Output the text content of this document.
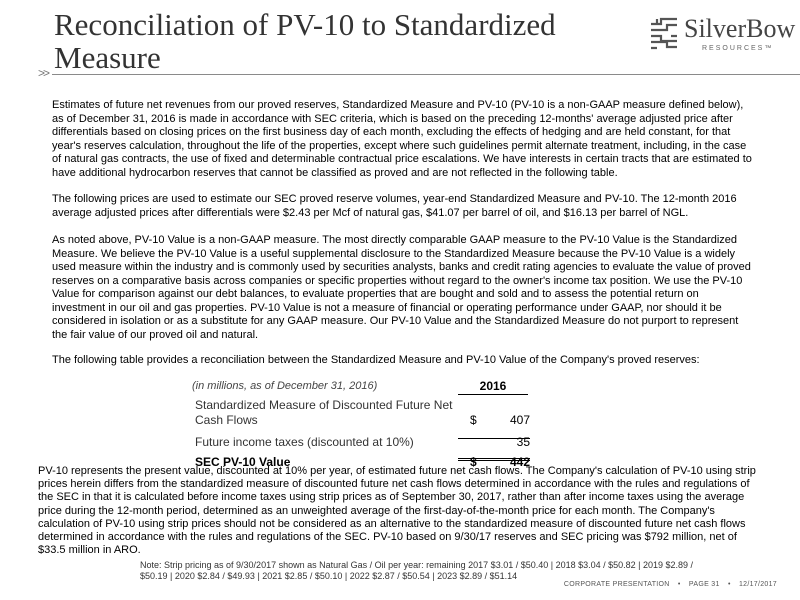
Reconciliation of PV-10 to Standardized Measure
>>
SilverBow
RESOURCES™

Estimates of future net revenues from our proved reserves, Standardized Measure and PV-10 (PV-10 is a non-GAAP measure defined below), as of December 31, 2016 is made in accordance with SEC criteria, which is based on the preceding 12-months' average adjusted price after differentials based on closing prices on the first business day of each month, excluding the effects of hedging and are held constant, for that year's reserves calculation, throughout the life of the properties, except where such guidelines permit alternate treatment, including, in the case of natural gas contracts, the use of fixed and determinable contractual price escalations. We have interests in certain tracts that are estimated to have additional hydrocarbon reserves that cannot be classified as proved and are not reflected in the following table.

The following prices are used to estimate our SEC proved reserve volumes, year-end Standardized Measure and PV-10. The 12-month 2016 average adjusted prices after differentials were $2.43 per Mcf of natural gas, $41.07 per barrel of oil, and $16.13 per barrel of NGL.

As noted above, PV-10 Value is a non-GAAP measure. The most directly comparable GAAP measure to the PV-10 Value is the Standardized Measure. We believe the PV-10 Value is a useful supplemental disclosure to the Standardized Measure because the PV-10 Value is a widely used measure within the industry and is commonly used by securities analysts, banks and credit rating agencies to evaluate the value of proved reserves on a comparative basis across companies or specific properties without regard to the owner's income tax position. We use the PV-10 Value for comparison against our debt balances, to evaluate properties that are bought and sold and to assess the potential return on investment in our oil and gas properties. PV-10 Value is not a measure of financial or operating performance under GAAP, nor should it be considered in isolation or as a substitute for any GAAP measure. Our PV-10 Value and the Standardized Measure do not purport to represent the fair value of our proved oil and natural.

The following table provides a reconciliation between the Standardized Measure and PV-10 Value of the Company's proved reserves:

(in millions, as of December 31, 2016)	2016
Standardized Measure of Discounted Future Net Cash Flows	$	407
Future income taxes (discounted at 10%)	35
SEC PV-10 Value	$	442

PV-10 represents the present value, discounted at 10% per year, of estimated future net cash flows. The Company's calculation of PV-10 using strip prices herein differs from the standardized measure of discounted future net cash flows determined in accordance with the rules and regulations of the SEC in that it is calculated before income taxes using strip prices as of September 30, 2017, rather than after income taxes using the average price during the 12-month period, determined as an unweighted average of the first-day-of-the-month price for each month. The Company's calculation of PV-10 using strip prices should not be considered as an alternative to the standardized measure of discounted future net cash flows determined in accordance with the rules and regulations of the SEC. PV-10 based on 9/30/17 reserves and SEC pricing was $792 million, net of $33.5 million in ARO.

Note: Strip pricing as of 9/30/2017 shown as Natural Gas / Oil per year: remaining 2017 $3.01 / $50.40 | 2018 $3.04 / $50.82 | 2019 $2.89 / $50.19 | 2020 $2.84 / $49.93 | 2021 $2.85 / $50.10 | 2022 $2.87 / $50.54 | 2023 $2.89 / $51.14

CORPORATE PRESENTATION • PAGE 31 • 12/17/2017
